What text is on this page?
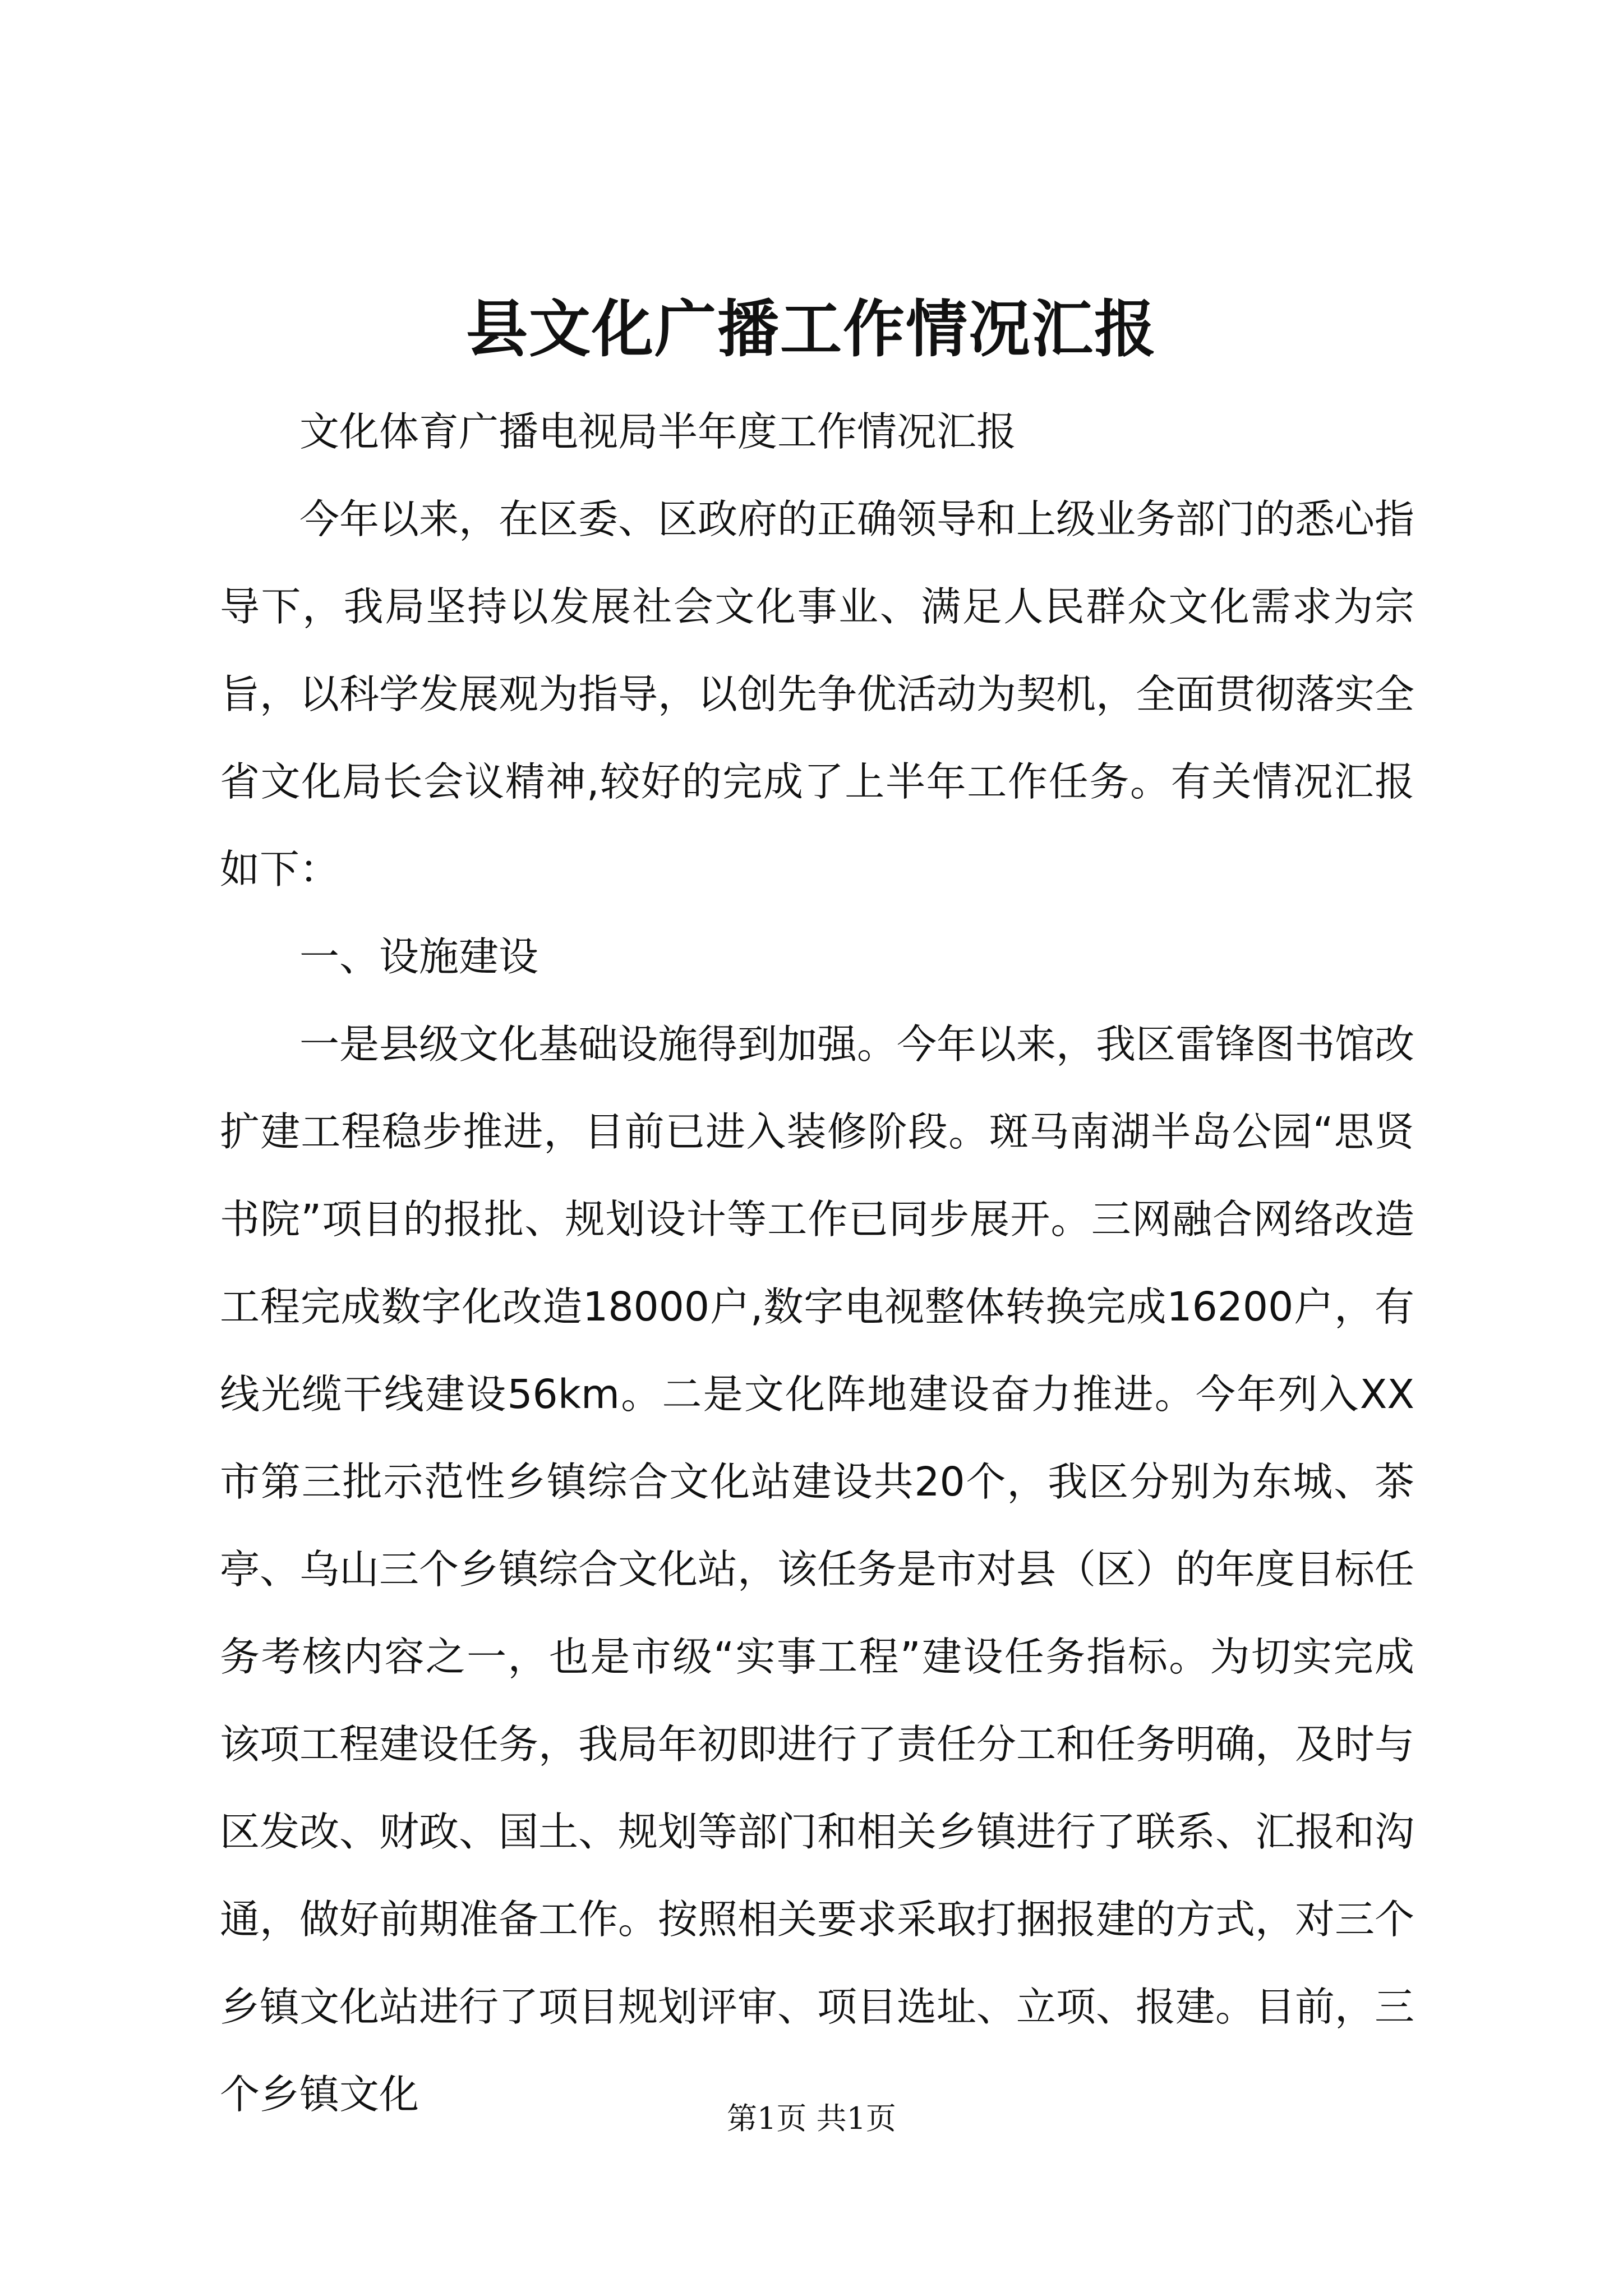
县文化广播工作情况汇报

文化体育广播电视局半年度工作情况汇报

今年以来，在区委、区政府的正确领导和上级业务部门的悉心指导下，我局坚持以发展社会文化事业、满足人民群众文化需求为宗旨，以科学发展观为指导，以创先争优活动为契机，全面贯彻落实全省文化局长会议精神,较好的完成了上半年工作任务。有关情况汇报如下：

一、设施建设

一是县级文化基础设施得到加强。今年以来，我区雷锋图书馆改扩建工程稳步推进，目前已进入装修阶段。斑马南湖半岛公园“思贤书院”项目的报批、规划设计等工作已同步展开。三网融合网络改造工程完成数字化改造18000户,数字电视整体转换完成16200户，有线光缆干线建设56km。二是文化阵地建设奋力推进。今年列入XX市第三批示范性乡镇综合文化站建设共20个，我区分别为东城、茶亭、乌山三个乡镇综合文化站，该任务是市对县（区）的年度目标任务考核内容之一，也是市级“实事工程”建设任务指标。为切实完成该项工程建设任务，我局年初即进行了责任分工和任务明确，及时与区发改、财政、国土、规划等部门和相关乡镇进行了联系、汇报和沟通，做好前期准备工作。按照相关要求采取打捆报建的方式，对三个乡镇文化站进行了项目规划评审、项目选址、立项、报建。目前，三个乡镇文化

第1页 共1页
